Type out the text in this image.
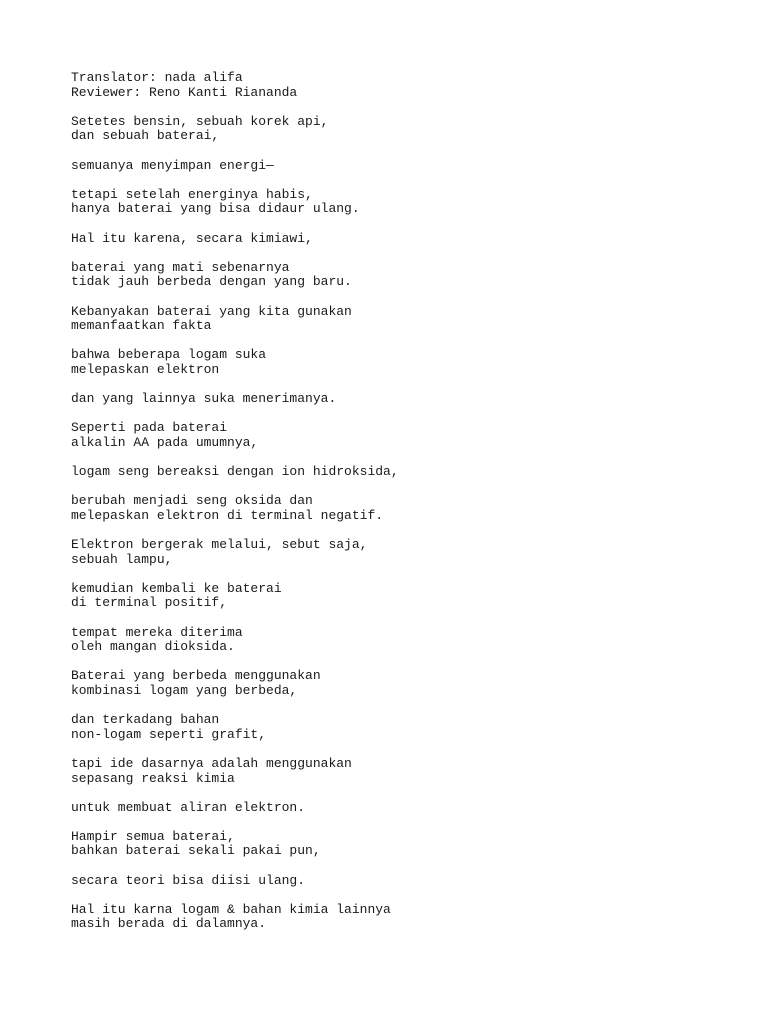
Translator: nada alifa
Reviewer: Reno Kanti Riananda
Setetes bensin, sebuah korek api,
dan sebuah baterai,
semuanya menyimpan energi—
tetapi setelah energinya habis,
hanya baterai yang bisa didaur ulang.
Hal itu karena, secara kimiawi,
baterai yang mati sebenarnya
tidak jauh berbeda dengan yang baru.
Kebanyakan baterai yang kita gunakan
memanfaatkan fakta
bahwa beberapa logam suka
melepaskan elektron
dan yang lainnya suka menerimanya.
Seperti pada baterai
alkalin AA pada umumnya,
logam seng bereaksi dengan ion hidroksida,
berubah menjadi seng oksida dan
melepaskan elektron di terminal negatif.
Elektron bergerak melalui, sebut saja,
sebuah lampu,
kemudian kembali ke baterai
di terminal positif,
tempat mereka diterima
oleh mangan dioksida.
Baterai yang berbeda menggunakan
kombinasi logam yang berbeda,
dan terkadang bahan
non-logam seperti grafit,
tapi ide dasarnya adalah menggunakan
sepasang reaksi kimia
untuk membuat aliran elektron.
Hampir semua baterai,
bahkan baterai sekali pakai pun,
secara teori bisa diisi ulang.
Hal itu karna logam & bahan kimia lainnya
masih berada di dalamnya.
